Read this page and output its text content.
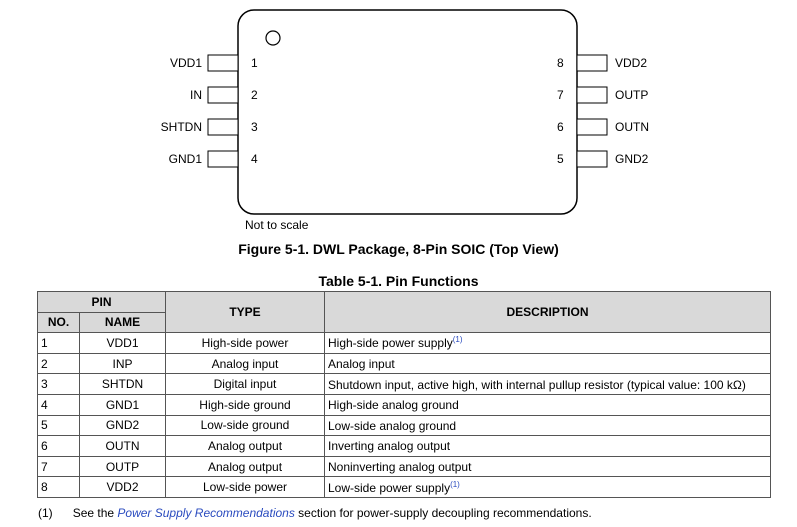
VDD1
IN
SHTDN
GND1
1
2
3
4
8
7
6
5
VDD2
OUTP
OUTN
GND2
Not to scale
Figure 5-1. DWL Package, 8-Pin SOIC (Top View)
Table 5-1. Pin Functions
PIN		TYPE	DESCRIPTION
NO.	NAME		
1	VDD1	High-side power	High-side power supply$^{(1)}$
2	INP	Analog input	Analog input
3	SHTDN	Digital input	Shutdown input, active high, with internal pullup resistor (typical value: 100 kΩ)
4	GND1	High-side ground	High-side analog ground
5	GND2	Low-side ground	Low-side analog ground
6	OUTN	Analog output	Inverting analog output
7	OUTP	Analog output	Noninverting analog output
8	VDD2	Low-side power	Low-side power supply$^{(1)}$
(1) See the Power Supply Recommendations section for power-supply decoupling recommendations.
